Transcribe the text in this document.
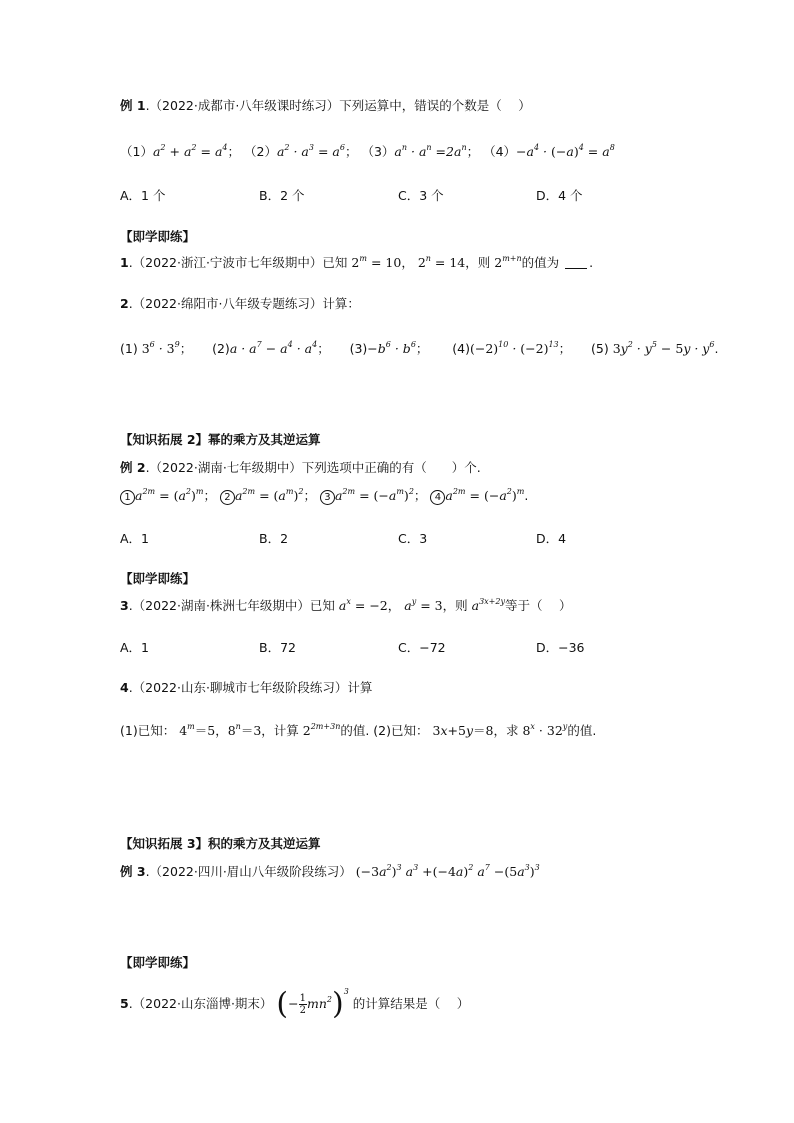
例 1.（2022·成都市·八年级课时练习）下列运算中，错误的个数是（　 ）
$(1)a^2 + a^2 = a^4$； $(2)a^2 \cdot a^3 = a^6$； $(3)a^n \cdot a^n =2a^n$； $(4)-a^4 \cdot (-a)^4 = a^8$
A．1 个	B．2 个	C．3 个	D．4 个
【即学即练】
1.（2022·浙江·宁波市七年级期中）已知 $2^m = 10$， $2^n = 14$，则 $2^{m+n}$的值为 .
2.（2022·绵阳市·八年级专题练习）计算：
(1) $3^6 \cdot 3^9$；     $(2)a \cdot a^7 - a^4 \cdot a^4$；     $(3)-b^6 \cdot b^6$；      $(4)(-2)^{10} \cdot (-2)^{13}$；     (5) $3y^2 \cdot y^5 - 5y \cdot y^6$.
【知识拓展 2】幂的乘方及其逆运算
例 2.（2022·湖南·七年级期中）下列选项中正确的有（　　）个.
1 $a^{2m} = (a^2)^m$； 2 $a^{2m} = (a^m)^2$； 3 $a^{2m} = (-a^m)^2$； 4 $a^{2m} = (-a^2)^m$.
A．1	B．2	C．3	D．4
【即学即练】
3.（2022·湖南·株洲七年级期中）已知 $a^x = -2$， $a^y = 3$，则 $a^{3x+2y}$等于（　 ）
A．1	B．72	C．−72	D．−36
4.（2022·山东·聊城市七年级阶段练习）计算
(1)已知： $4^m=5$，$8^n=3$，计算 $2^{2m+3n}$的值. (2)已知： 3x+5y＝8，求 $8^x \cdot 32^y$的值.
【知识拓展 3】积的乘方及其逆运算
例 3.（2022·四川·眉山八年级阶段练习） $(-3a^2)^3$ $a^3 +(-4a)^2$ $a^7 -(5a^3)^3$
【即学即练】
5.（2022·山东淄博·期末） (− $\frac{1}{2} mn^2)^3$ 的计算结果是（　 ）
